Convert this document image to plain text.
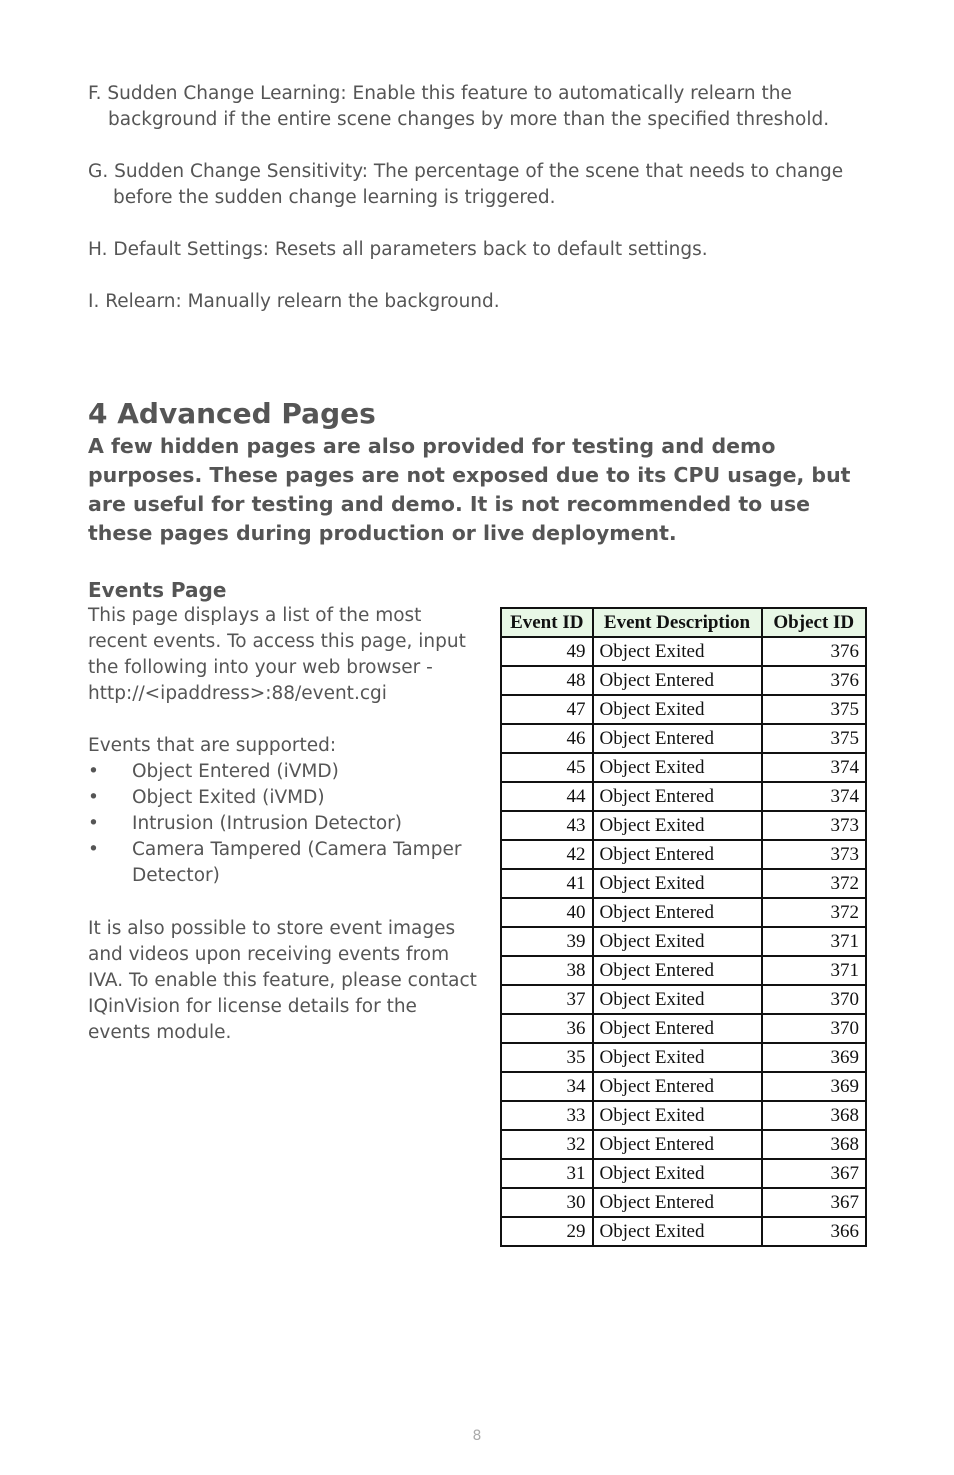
F. Sudden Change Learning: Enable this feature to automatically relearn the
background if the entire scene changes by more than the specified threshold.
G. Sudden Change Sensitivity: The percentage of the scene that needs to change
before the sudden change learning is triggered.
H. Default Settings: Resets all parameters back to default settings.
I. Relearn: Manually relearn the background.
4 Advanced Pages

A few hidden pages are also provided for testing and demo purposes. These pages are not exposed due to its CPU usage, but are useful for testing and demo. It is not recommended to use these pages during production or live deployment.

Events Page

This page displays a list of the most recent events. To access this page, input the following into your web browser - http://<ipaddress>:88/event.cgi

Events that are supported:

• Object Entered (iVMD)
• Object Exited (iVMD)
• Intrusion (Intrusion Detector)
• Camera Tampered (Camera Tamper Detector)

It is also possible to store event images and videos upon receiving events from IVA. To enable this feature, please contact IQinVision for license details for the events module.

Event ID	Event Description	Object ID
49	Object Exited	376
48	Object Entered	376
47	Object Exited	375
46	Object Entered	375
45	Object Exited	374
44	Object Entered	374
43	Object Exited	373
42	Object Entered	373
41	Object Exited	372
40	Object Entered	372
39	Object Exited	371
38	Object Entered	371
37	Object Exited	370
36	Object Entered	370
35	Object Exited	369
34	Object Entered	369
33	Object Exited	368
32	Object Entered	368
31	Object Exited	367
30	Object Entered	367
29	Object Exited	366
8
